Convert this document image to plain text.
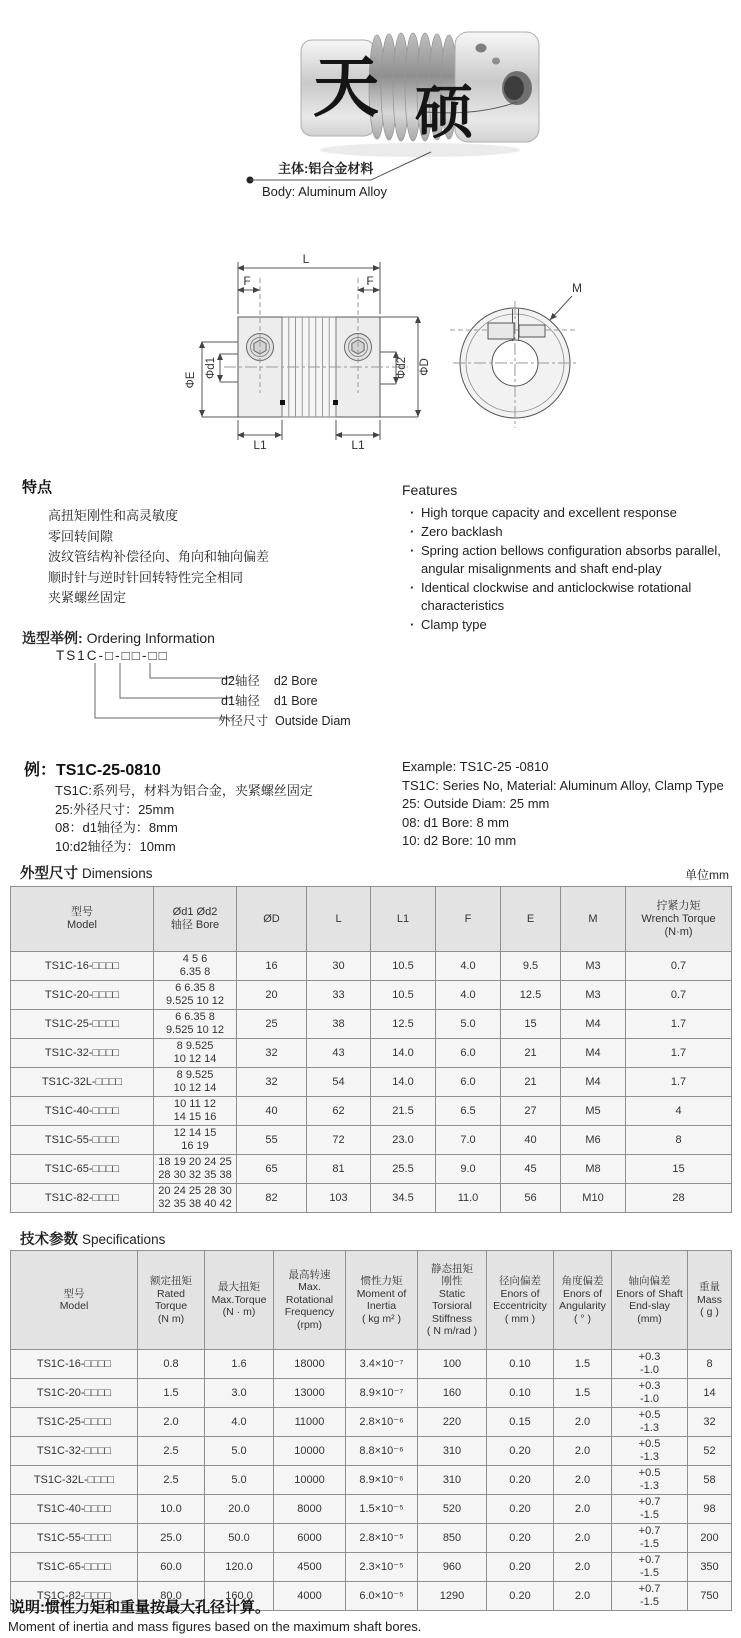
天 硕
主体:铝合金材料
Body: Aluminum Alloy
L
F	F
ΦE
Φd1	Φd2 ΦD
L1	L1
M
特点
高扭矩刚性和高灵敏度
零回转间隙
波纹管结构补偿径向、角向和轴向偏差
顺时针与逆时针回转特性完全相同
夹紧螺丝固定
Features
· High torque capacity and excellent response
· Zero backlash
· Spring action bellows configuration absorbs parallel, angular misalignments and shaft end-play
· Identical clockwise and anticlockwise rotational characteristics
· Clamp type
选型举例: Ordering Information
TS1C-□-□□-□□
d2轴径 d2 Bore
d1轴径 d1 Bore
外径尺寸 Outside Diam
例：TS1C-25-0810
TS1C:系列号，材料为铝合金，夹紧螺丝固定
25:外径尺寸：25mm
08：d1轴径为：8mm
10:d2轴径为：10mm
Example: TS1C-25 -0810
TS1C: Series No, Material: Aluminum Alloy, Clamp Type
25: Outside Diam: 25 mm
08: d1 Bore: 8 mm
10: d2 Bore: 10 mm
外型尺寸 Dimensions	单位mm
型号
Model	Ød1 Ød2
轴径 Bore	ØD	L	L1	F	E	M	拧紧力矩
Wrench Torque
(N·m)
TS1C-16-□□□□	4 5 6
6.35 8	16	30	10.5	4.0	9.5	M3	0.7
TS1C-20-□□□□	6 6.35 8
9.525 10 12	20	33	10.5	4.0	12.5	M3	0.7
TS1C-25-□□□□	6 6.35 8
9.525 10 12	25	38	12.5	5.0	15	M4	1.7
TS1C-32-□□□□	8 9.525
10 12 14	32	43	14.0	6.0	21	M4	1.7
TS1C-32L-□□□□	8 9.525
10 12 14	32	54	14.0	6.0	21	M4	1.7
TS1C-40-□□□□	10 11 12
14 15 16	40	62	21.5	6.5	27	M5	4
TS1C-55-□□□□	12 14 15
16 19	55	72	23.0	7.0	40	M6	8
TS1C-65-□□□□	18 19 20 24 25
28 30 32 35 38	65	81	25.5	9.0	45	M8	15
TS1C-82-□□□□	20 24 25 28 30
32 35 38 40 42	82	103	34.5	11.0	56	M10	28
技术参数 Specifications
型号
Model	额定扭矩
Rated
Torque
(N m)	最大扭矩
Max.Torque
(N · m)	最高转速
Max.
Rotational
Frequency
(rpm)	惯性力矩
Moment of
Inertia
( kg m² )	静态扭矩
刚性
Static
Torsioral
Stiffness
( N m/rad )	径向偏差
Enors of
Eccentricity
( mm )	角度偏差
Enors of
Angularity
( ° )	轴向偏差
Enors of Shaft
End-slay
(mm)	重量
Mass
( g )
TS1C-16-□□□□	0.8	1.6	18000	3.4×10⁻⁷	100	0.10	1.5	+0.3
-1.0	8
TS1C-20-□□□□	1.5	3.0	13000	8.9×10⁻⁷	160	0.10	1.5	+0.3
-1.0	14
TS1C-25-□□□□	2.0	4.0	11000	2.8×10⁻⁶	220	0.15	2.0	+0.5
-1.3	32
TS1C-32-□□□□	2.5	5.0	10000	8.8×10⁻⁶	310	0.20	2.0	+0.5
-1.3	52
TS1C-32L-□□□□	2.5	5.0	10000	8.9×10⁻⁶	310	0.20	2.0	+0.5
-1.3	58
TS1C-40-□□□□	10.0	20.0	8000	1.5×10⁻⁵	520	0.20	2.0	+0.7
-1.5	98
TS1C-55-□□□□	25.0	50.0	6000	2.8×10⁻⁵	850	0.20	2.0	+0.7
-1.5	200
TS1C-65-□□□□	60.0	120.0	4500	2.3×10⁻⁵	960	0.20	2.0	+0.7
-1.5	350
TS1C-82-□□□□	80.0	160.0	4000	6.0×10⁻⁵	1290	0.20	2.0	+0.7
-1.5	750
说明:惯性力矩和重量按最大孔径计算。
Moment of inertia and mass figures based on the maximum shaft bores.
